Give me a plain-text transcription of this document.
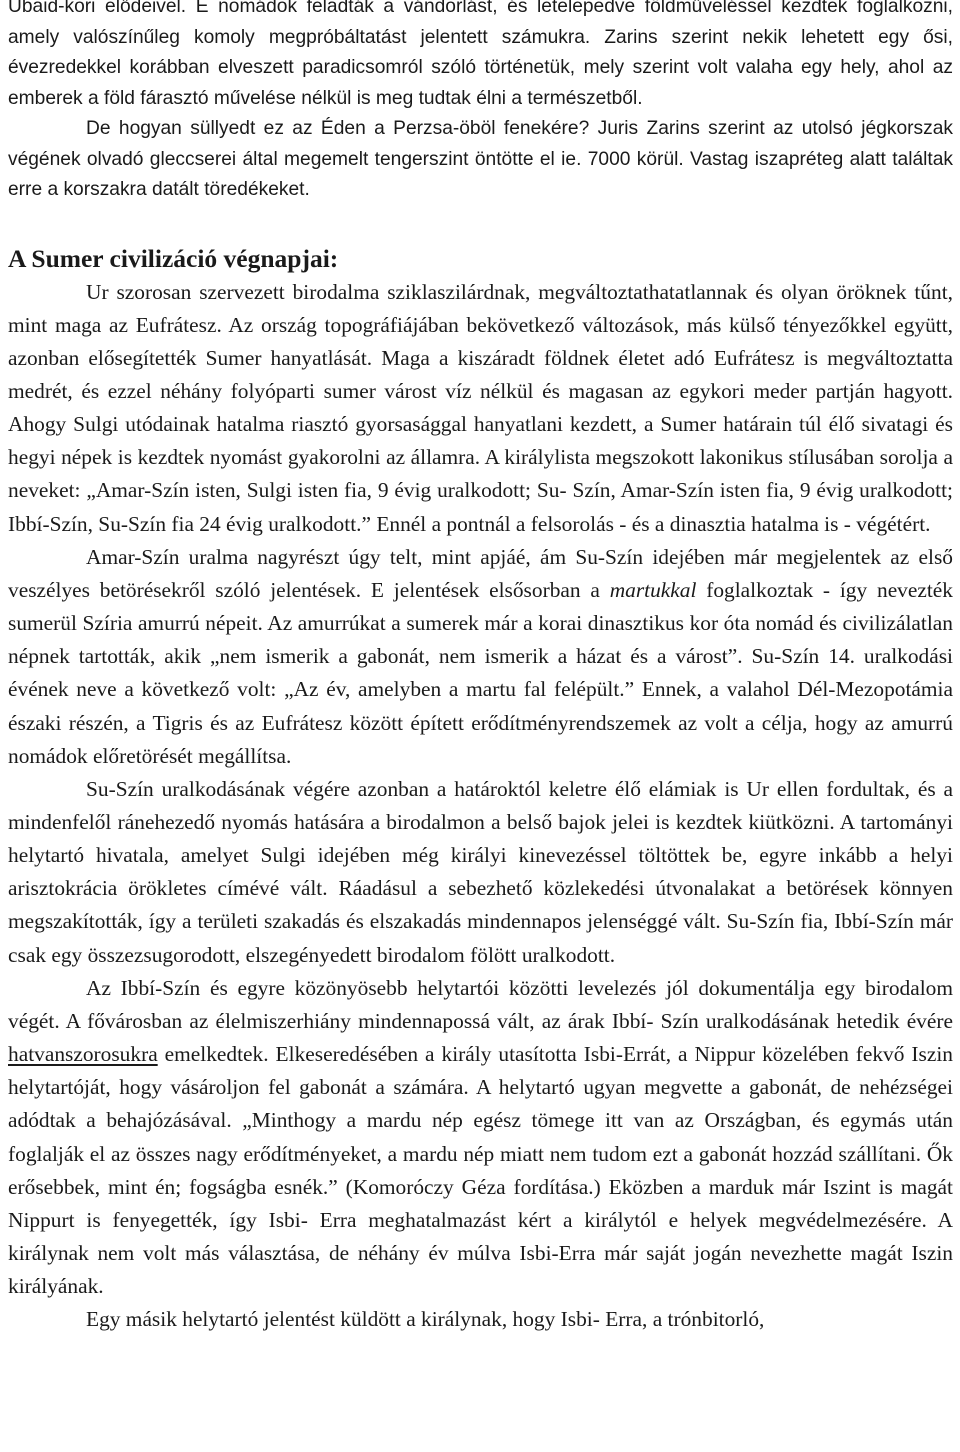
Ubaid-kori elődeivel. E nomádok feladták a vándorlást, és letelepedve földműveléssel kezdtek foglalkozni, amely valószínűleg komoly megpróbáltatást jelentett számukra. Zarins szerint nekik lehetett egy ősi, évezredekkel korábban elveszett paradicsomról szóló történetük, mely szerint volt valaha egy hely, ahol az emberek a föld fárasztó művelése nélkül is meg tudtak élni a természetből.

De hogyan süllyedt ez az Éden a Perzsa-öböl fenekére? Juris Zarins szerint az utolsó jégkorszak végének olvadó gleccserei által megemelt tengerszint öntötte el ie. 7000 körül. Vastag iszapréteg alatt találtak erre a korszakra datált töredékeket.

A Sumer civilizáció végnapjai:

Ur szorosan szervezett birodalma sziklaszilárdnak, megváltoztathatatlannak és olyan öröknek tűnt, mint maga az Eufrátesz. Az ország topográfiájában bekövetkező változások, más külső tényezőkkel együtt, azonban elősegítették Sumer hanyatlását. Maga a kiszáradt földnek életet adó Eufrátesz is megváltoztatta medrét, és ezzel néhány folyóparti sumer várost víz nélkül és magasan az egykori meder partján hagyott. Ahogy Sulgi utódainak hatalma riasztó gyorsasággal hanyatlani kezdett, a Sumer határain túl élő sivatagi és hegyi népek is kezdtek nyomást gyakorolni az államra. A királylista megszokott lakonikus stílusában sorolja a neveket: „Amar-Szín isten, Sulgi isten fia, 9 évig uralkodott; Su- Szín, Amar-Szín isten fia, 9 évig uralkodott; Ibbí-Szín, Su-Szín fia 24 évig uralkodott.” Ennél a pontnál a felsorolás - és a dinasztia hatalma is - végétért.

Amar-Szín uralma nagyrészt úgy telt, mint apjáé, ám Su-Szín idejében már megjelentek az első veszélyes betörésekről szóló jelentések. E jelentések elsősorban a martukkal foglalkoztak - így nevezték sumerül Szíria amurrú népeit. Az amurrúkat a sumerek már a korai dinasztikus kor óta nomád és civilizálatlan népnek tartották, akik „nem ismerik a gabonát, nem ismerik a házat és a várost”. Su-Szín 14. uralkodási évének neve a következő volt: „Az év, amelyben a martu fal felépült.” Ennek, a valahol Dél-Mezopotámia északi részén, a Tigris és az Eufrátesz között épített erődítményrendszemek az volt a célja, hogy az amurrú nomádok előretörését megállítsa.

Su-Szín uralkodásának végére azonban a határoktól keletre élő elámiak is Ur ellen fordultak, és a mindenfelől ránehezedő nyomás hatására a birodalmon a belső bajok jelei is kezdtek kiütközni. A tartományi helytartó hivatala, amelyet Sulgi idejében még királyi kinevezéssel töltöttek be, egyre inkább a helyi arisztokrácia örökletes címévé vált. Ráadásul a sebezhető közlekedési útvonalakat a betörések könnyen megszakították, így a területi szakadás és elszakadás mindennapos jelenséggé vált. Su-Szín fia, Ibbí-Szín már csak egy összezsugorodott, elszegényedett birodalom fölött uralkodott.

Az Ibbí-Szín és egyre közönyösebb helytartói közötti levelezés jól dokumentálja egy birodalom végét. A fővárosban az élelmiszerhiány mindennapossá vált, az árak Ibbí- Szín uralkodásának hetedik évére hatvanszorosukra emelkedtek. Elkeseredésében a király utasította Isbi-Errát, a Nippur közelében fekvő Iszin helytartóját, hogy vásároljon fel gabonát a számára. A helytartó ugyan megvette a gabonát, de nehézségei adódtak a behajózásával. „Minthogy a mardu nép egész tömege itt van az Országban, és egymás után foglalják el az összes nagy erődítményeket, a mardu nép miatt nem tudom ezt a gabonát hozzád szállítani. Ők erősebbek, mint én; fogságba esnék.” (Komoróczy Géza fordítása.) Eközben a marduk már Iszint is magát Nippurt is fenyegették, így Isbi- Erra meghatalmazást kért a királytól e helyek megvédelmezésére. A királynak nem volt más választása, de néhány év múlva Isbi-Erra már saját jogán nevezhette magát Iszin királyának.

Egy másik helytartó jelentést küldött a királynak, hogy Isbi- Erra, a trónbitorló,
